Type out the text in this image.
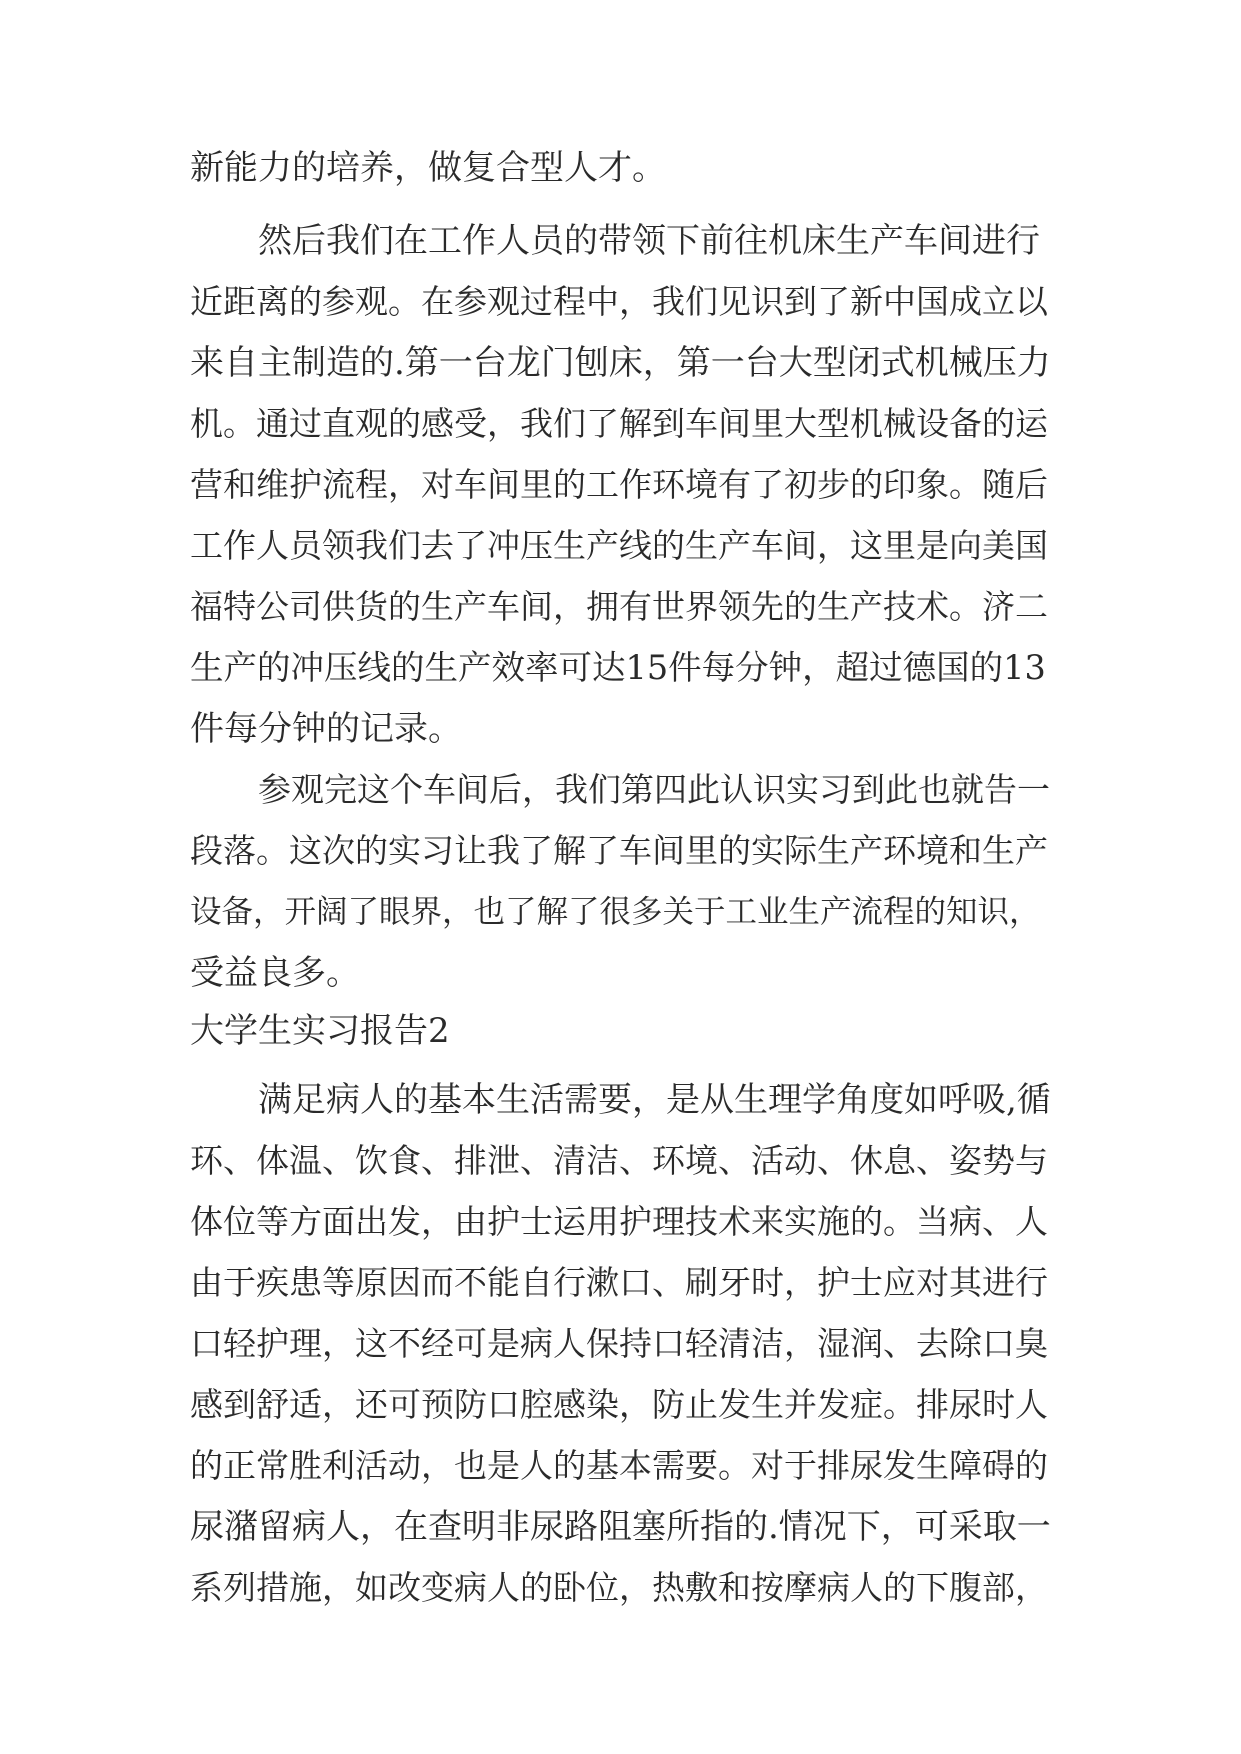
新能力的培养，做复合型人才。
然后我们在工作人员的带领下前往机床生产车间进行
近距离的参观。在参观过程中，我们见识到了新中国成立以
来自主制造的.第一台龙门刨床，第一台大型闭式机械压力
机。通过直观的感受，我们了解到车间里大型机械设备的运
营和维护流程，对车间里的工作环境有了初步的印象。随后
工作人员领我们去了冲压生产线的生产车间，这里是向美国
福特公司供货的生产车间，拥有世界领先的生产技术。济二
生产的冲压线的生产效率可达15件每分钟，超过德国的13
件每分钟的记录。
参观完这个车间后，我们第四此认识实习到此也就告一
段落。这次的实习让我了解了车间里的实际生产环境和生产
设备，开阔了眼界，也了解了很多关于工业生产流程的知识，
受益良多。
大学生实习报告2
满足病人的基本生活需要，是从生理学角度如呼吸,循
环、体温、饮食、排泄、清洁、环境、活动、休息、姿势与
体位等方面出发，由护士运用护理技术来实施的。当病、人
由于疾患等原因而不能自行漱口、刷牙时，护士应对其进行
口轻护理，这不经可是病人保持口轻清洁，湿润、去除口臭
感到舒适，还可预防口腔感染，防止发生并发症。排尿时人
的正常胜利活动，也是人的基本需要。对于排尿发生障碍的
尿潴留病人，在查明非尿路阻塞所指的.情况下，可采取一
系列措施，如改变病人的卧位，热敷和按摩病人的下腹部，
